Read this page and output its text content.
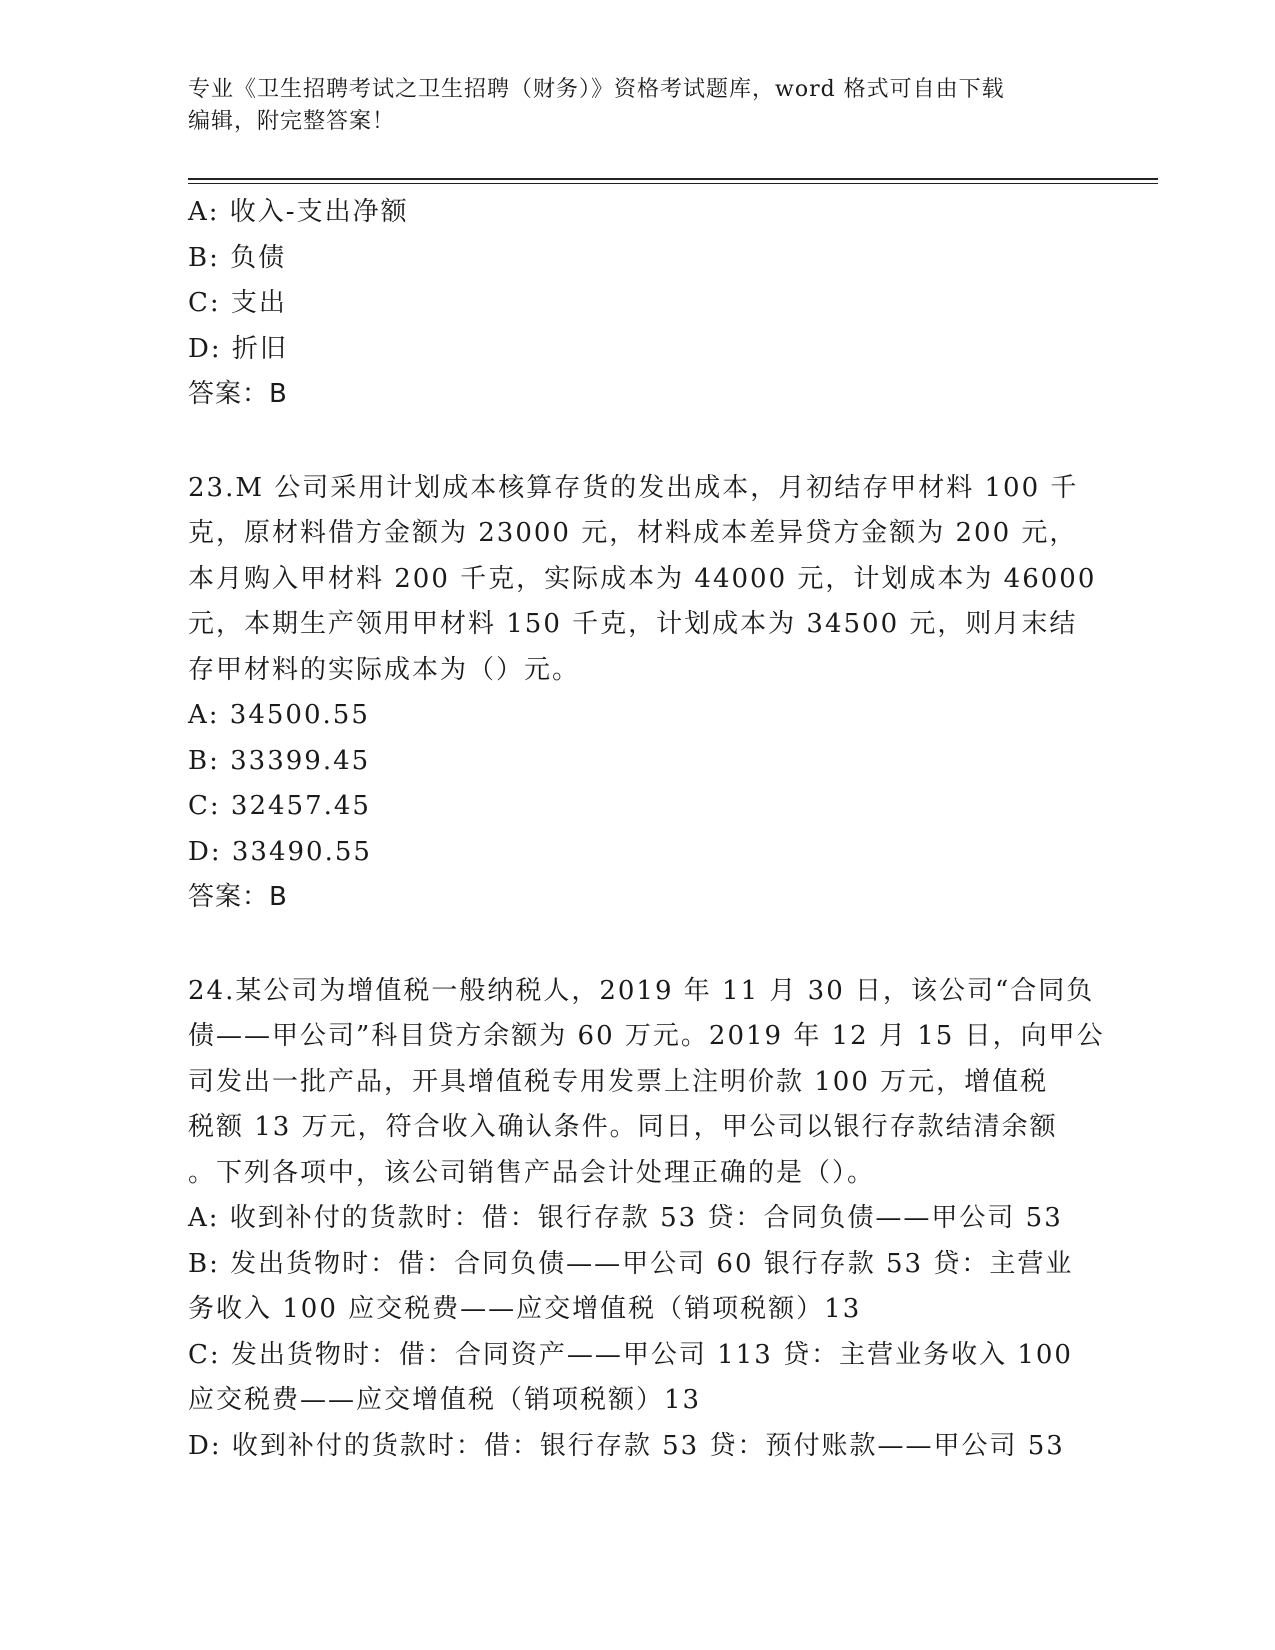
专业《卫生招聘考试之卫生招聘（财务）》资格考试题库，word 格式可自由下载
编辑，附完整答案！
A: 收入-支出净额
B: 负债
C: 支出
D: 折旧
答案：B
23.M 公司采用计划成本核算存货的发出成本，月初结存甲材料 100 千
克，原材料借方金额为 23000 元，材料成本差异贷方金额为 200 元，
本月购入甲材料 200 千克，实际成本为 44000 元，计划成本为 46000
元，本期生产领用甲材料 150 千克，计划成本为 34500 元，则月末结
存甲材料的实际成本为（）元。
A: 34500.55
B: 33399.45
C: 32457.45
D: 33490.55
答案：B
24.某公司为增值税一般纳税人，2019 年 11 月 30 日，该公司“合同负
债——甲公司”科目贷方余额为 60 万元。2019 年 12 月 15 日，向甲公
司发出一批产品，开具增值税专用发票上注明价款 100 万元，增值税
税额 13 万元，符合收入确认条件。同日，甲公司以银行存款结清余额
。下列各项中，该公司销售产品会计处理正确的是（）。
A: 收到补付的货款时：借：银行存款 53 贷：合同负债——甲公司 53
B: 发出货物时：借：合同负债——甲公司 60 银行存款 53 贷：主营业
务收入 100 应交税费——应交增值税（销项税额）13
C: 发出货物时：借：合同资产——甲公司 113 贷：主营业务收入 100
应交税费——应交增值税（销项税额）13
D: 收到补付的货款时：借：银行存款 53 贷：预付账款——甲公司 53
